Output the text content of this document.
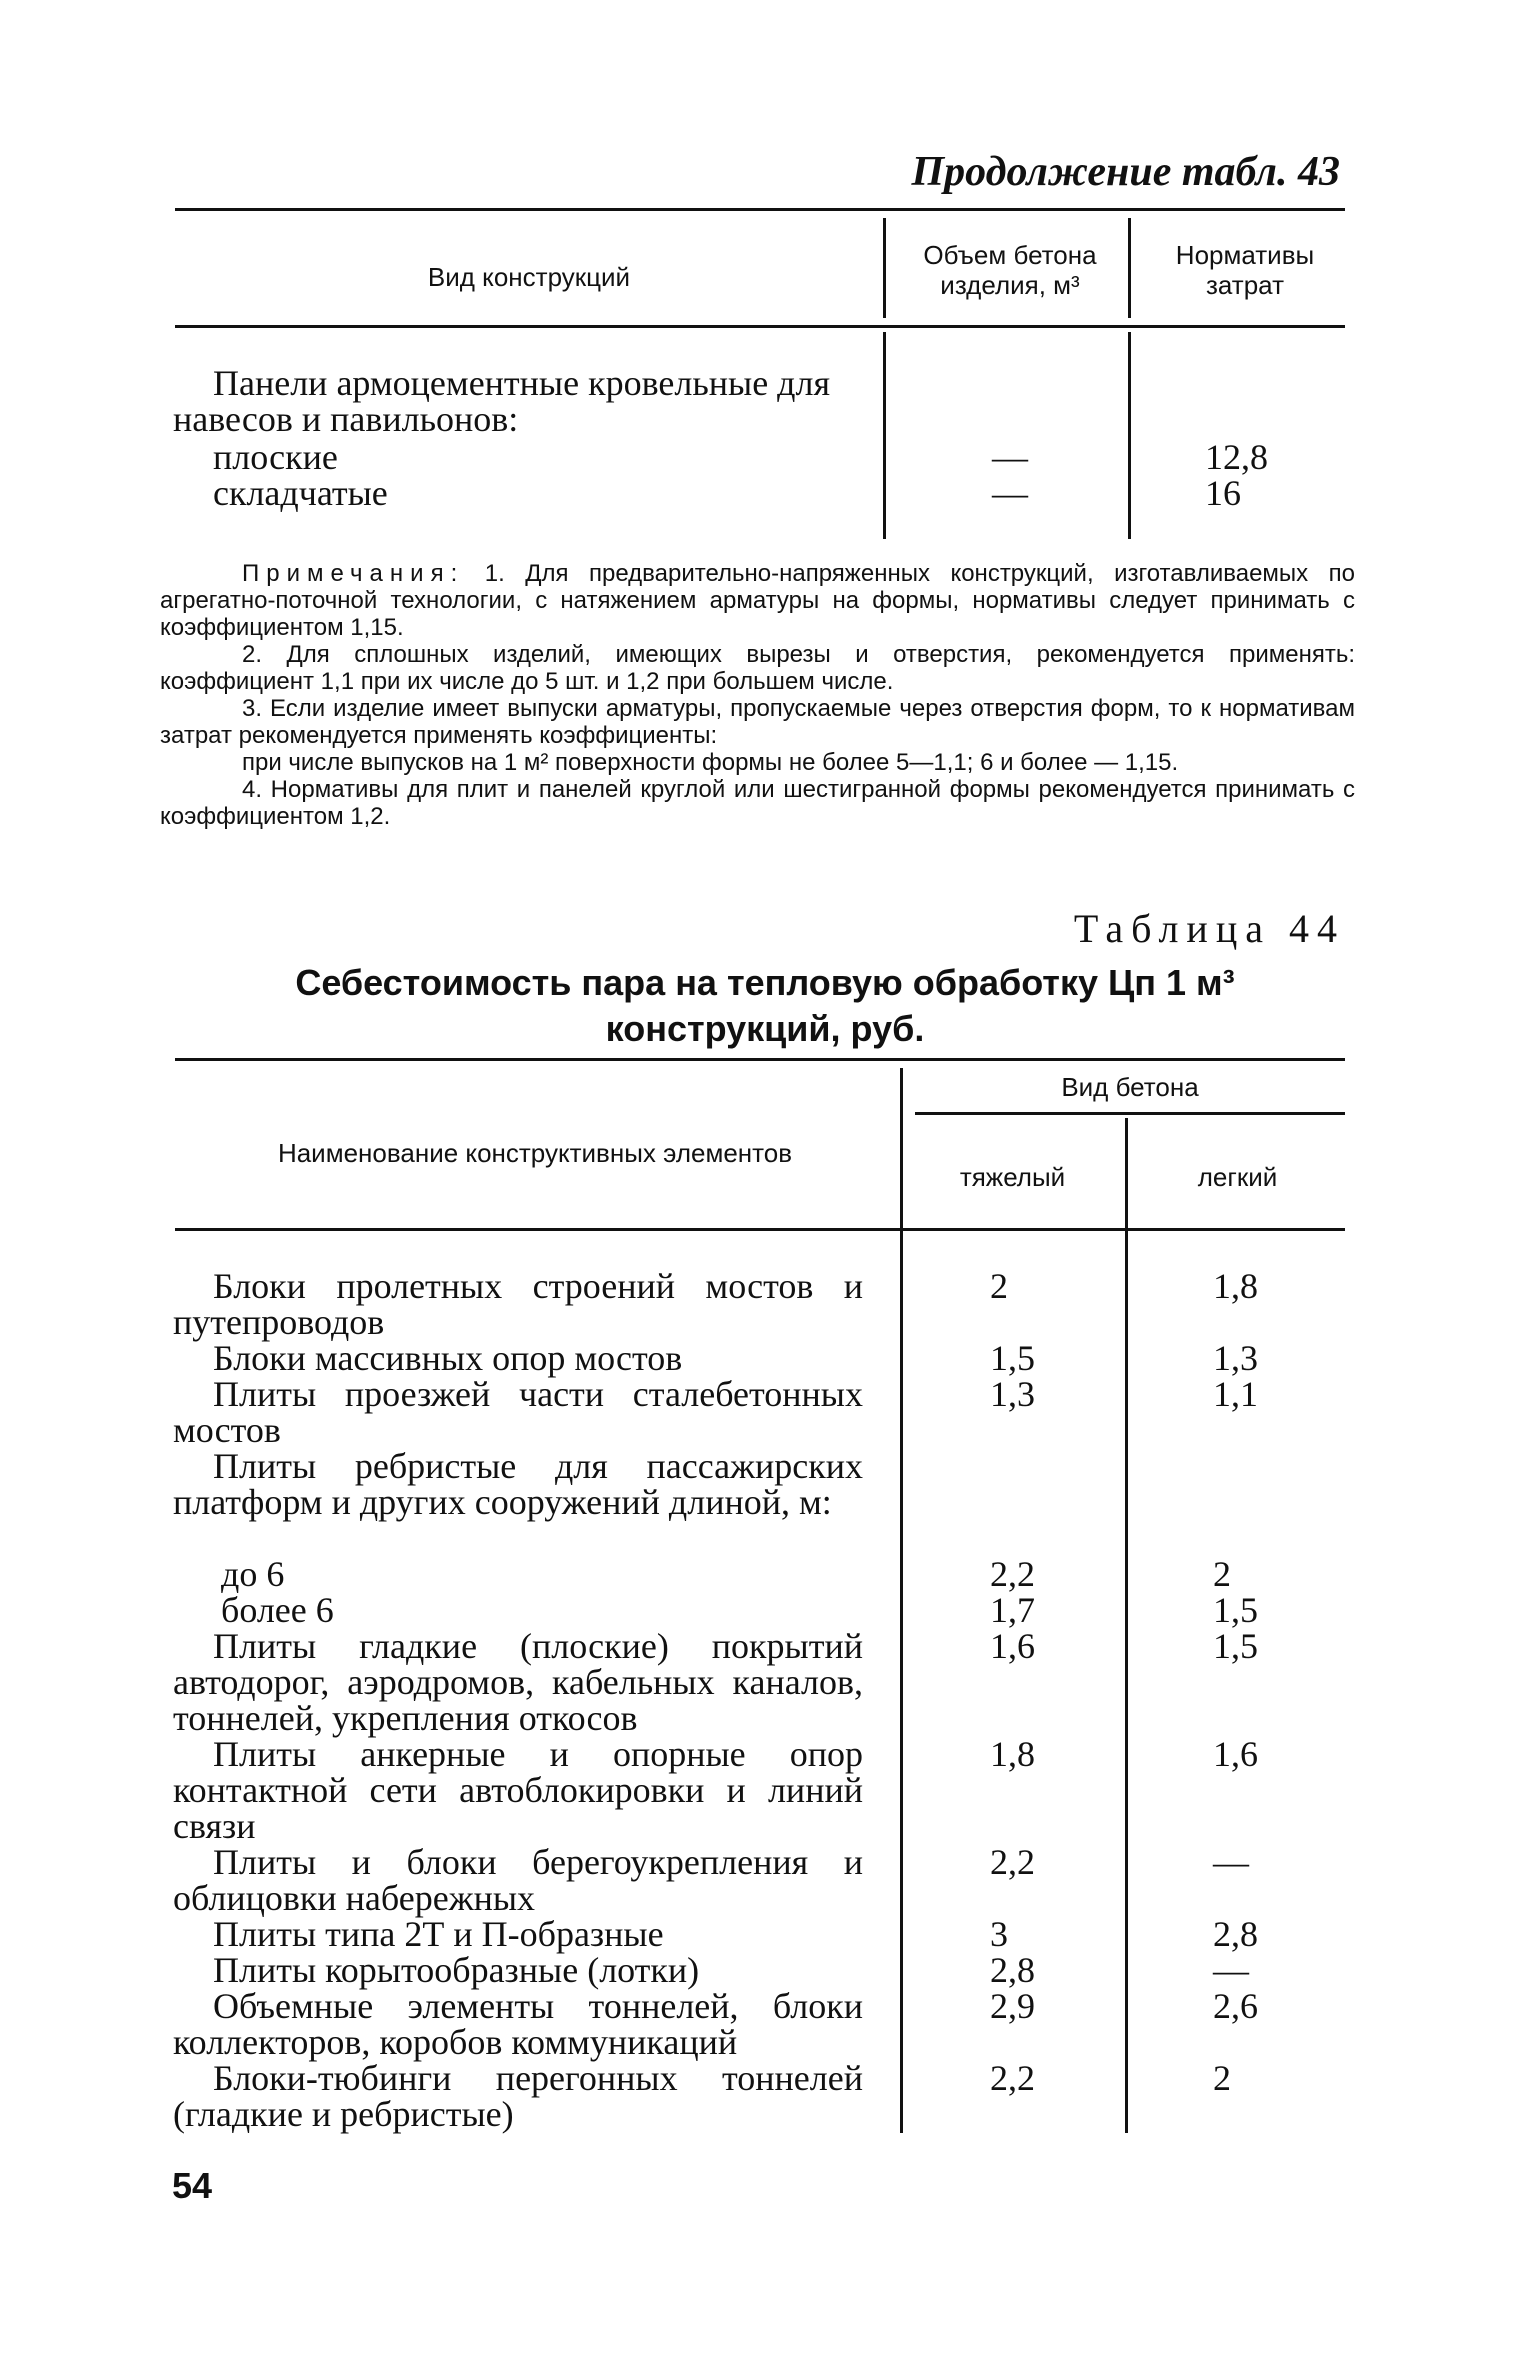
Продолжение табл. 43
Вид конструкций
Объем бетона изделия, м³
Нормативы затрат
Панели армоцементные кровельные для навесов и павильонов:
плоские
складчатые
—
—
12,8
16

Примечания: 1. Для предварительно-напряженных конструкций, изготавливаемых по агрегатно-поточной технологии, с натяжением арматуры на формы, нормативы следует принимать с коэффициентом 1,15.

2. Для сплошных изделий, имеющих вырезы и отверстия, рекомендуется применять: коэффициент 1,1 при их числе до 5 шт. и 1,2 при большем числе.

3. Если изделие имеет выпуски арматуры, пропускаемые через отверстия форм, то к нормативам затрат рекомендуется применять коэффициенты:

при числе выпусков на 1 м² поверхности формы не более 5—1,1; 6 и более — 1,15.

4. Нормативы для плит и панелей круглой или шестигранной формы рекомендуется принимать с коэффициентом 1,2.

Таблица 44
Себестоимость пара на тепловую обработку Цп 1 м³
конструкций, руб.
Наименование конструктивных элементов
Вид бетона
тяжелый	легкий
Блоки пролетных строений мостов и путепроводов
Блоки массивных опор мостов
Плиты проезжей части сталебетонных мостов
Плиты ребристые для пассажирских платформ и других сооружений длиной, м:
до 6
более 6
Плиты гладкие (плоские) покрытий автодорог, аэродромов, кабельных каналов, тоннелей, укрепления откосов
Плиты анкерные и опорные опор контактной сети автоблокировки и линий связи
Плиты и блоки берегоукрепления и облицовки набережных
Плиты типа 2Т и П-образные
Плиты корытообразные (лотки)
Объемные элементы тоннелей, блоки коллекторов, коробов коммуникаций
Блоки-тюбинги перегонных тоннелей (гладкие и ребристые)
2
1,5
1,3
2,2
1,7
1,6
1,8
2,2
3
2,8
2,9
2,2
1,8
1,3
1,1
2
1,5
1,5
1,6
—
2,8
—
2,6
2
54
